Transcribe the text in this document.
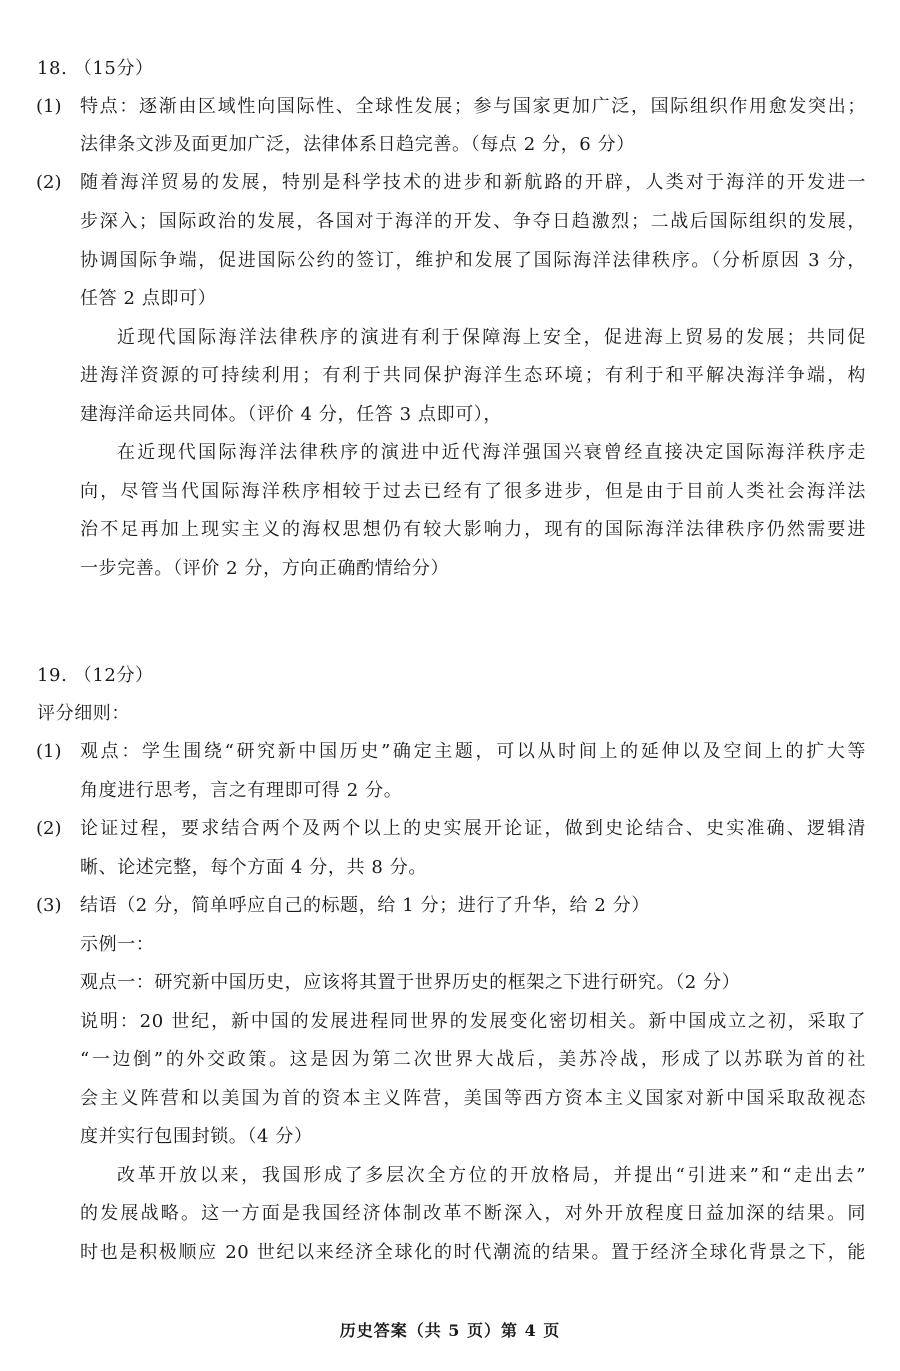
18. （15分）
(1) 特点：逐渐由区域性向国际性、全球性发展；参与国家更加广泛，国际组织作用愈发突出；
法律条文涉及面更加广泛，法律体系日趋完善。（每点 2 分，6 分）
(2) 随着海洋贸易的发展，特别是科学技术的进步和新航路的开辟，人类对于海洋的开发进一
步深入；国际政治的发展，各国对于海洋的开发、争夺日趋激烈；二战后国际组织的发展，
协调国际争端，促进国际公约的签订，维护和发展了国际海洋法律秩序。（分析原因 3 分，
任答 2 点即可）
近现代国际海洋法律秩序的演进有利于保障海上安全，促进海上贸易的发展；共同促
进海洋资源的可持续利用；有利于共同保护海洋生态环境；有利于和平解决海洋争端，构
建海洋命运共同体。（评价 4 分，任答 3 点即可），
在近现代国际海洋法律秩序的演进中近代海洋强国兴衰曾经直接决定国际海洋秩序走
向，尽管当代国际海洋秩序相较于过去已经有了很多进步，但是由于目前人类社会海洋法
治不足再加上现实主义的海权思想仍有较大影响力，现有的国际海洋法律秩序仍然需要进
一步完善。（评价 2 分，方向正确酌情给分）
19. （12分）
评分细则：
(1) 观点：学生围绕“研究新中国历史”确定主题，可以从时间上的延伸以及空间上的扩大等
角度进行思考，言之有理即可得 2 分。
(2) 论证过程，要求结合两个及两个以上的史实展开论证，做到史论结合、史实准确、逻辑清
晰、论述完整，每个方面 4 分，共 8 分。
(3) 结语（2 分，简单呼应自己的标题，给 1 分；进行了升华，给 2 分）
示例一：
观点一：研究新中国历史，应该将其置于世界历史的框架之下进行研究。（2 分）
说明：20 世纪，新中国的发展进程同世界的发展变化密切相关。新中国成立之初，采取了
“一边倒”的外交政策。这是因为第二次世界大战后，美苏冷战，形成了以苏联为首的社
会主义阵营和以美国为首的资本主义阵营，美国等西方资本主义国家对新中国采取敌视态
度并实行包围封锁。（4 分）
改革开放以来，我国形成了多层次全方位的开放格局，并提出“引进来”和“走出去”
的发展战略。这一方面是我国经济体制改革不断深入，对外开放程度日益加深的结果。同
时也是积极顺应 20 世纪以来经济全球化的时代潮流的结果。置于经济全球化背景之下，能
历史答案（共 5 页）第 4 页
